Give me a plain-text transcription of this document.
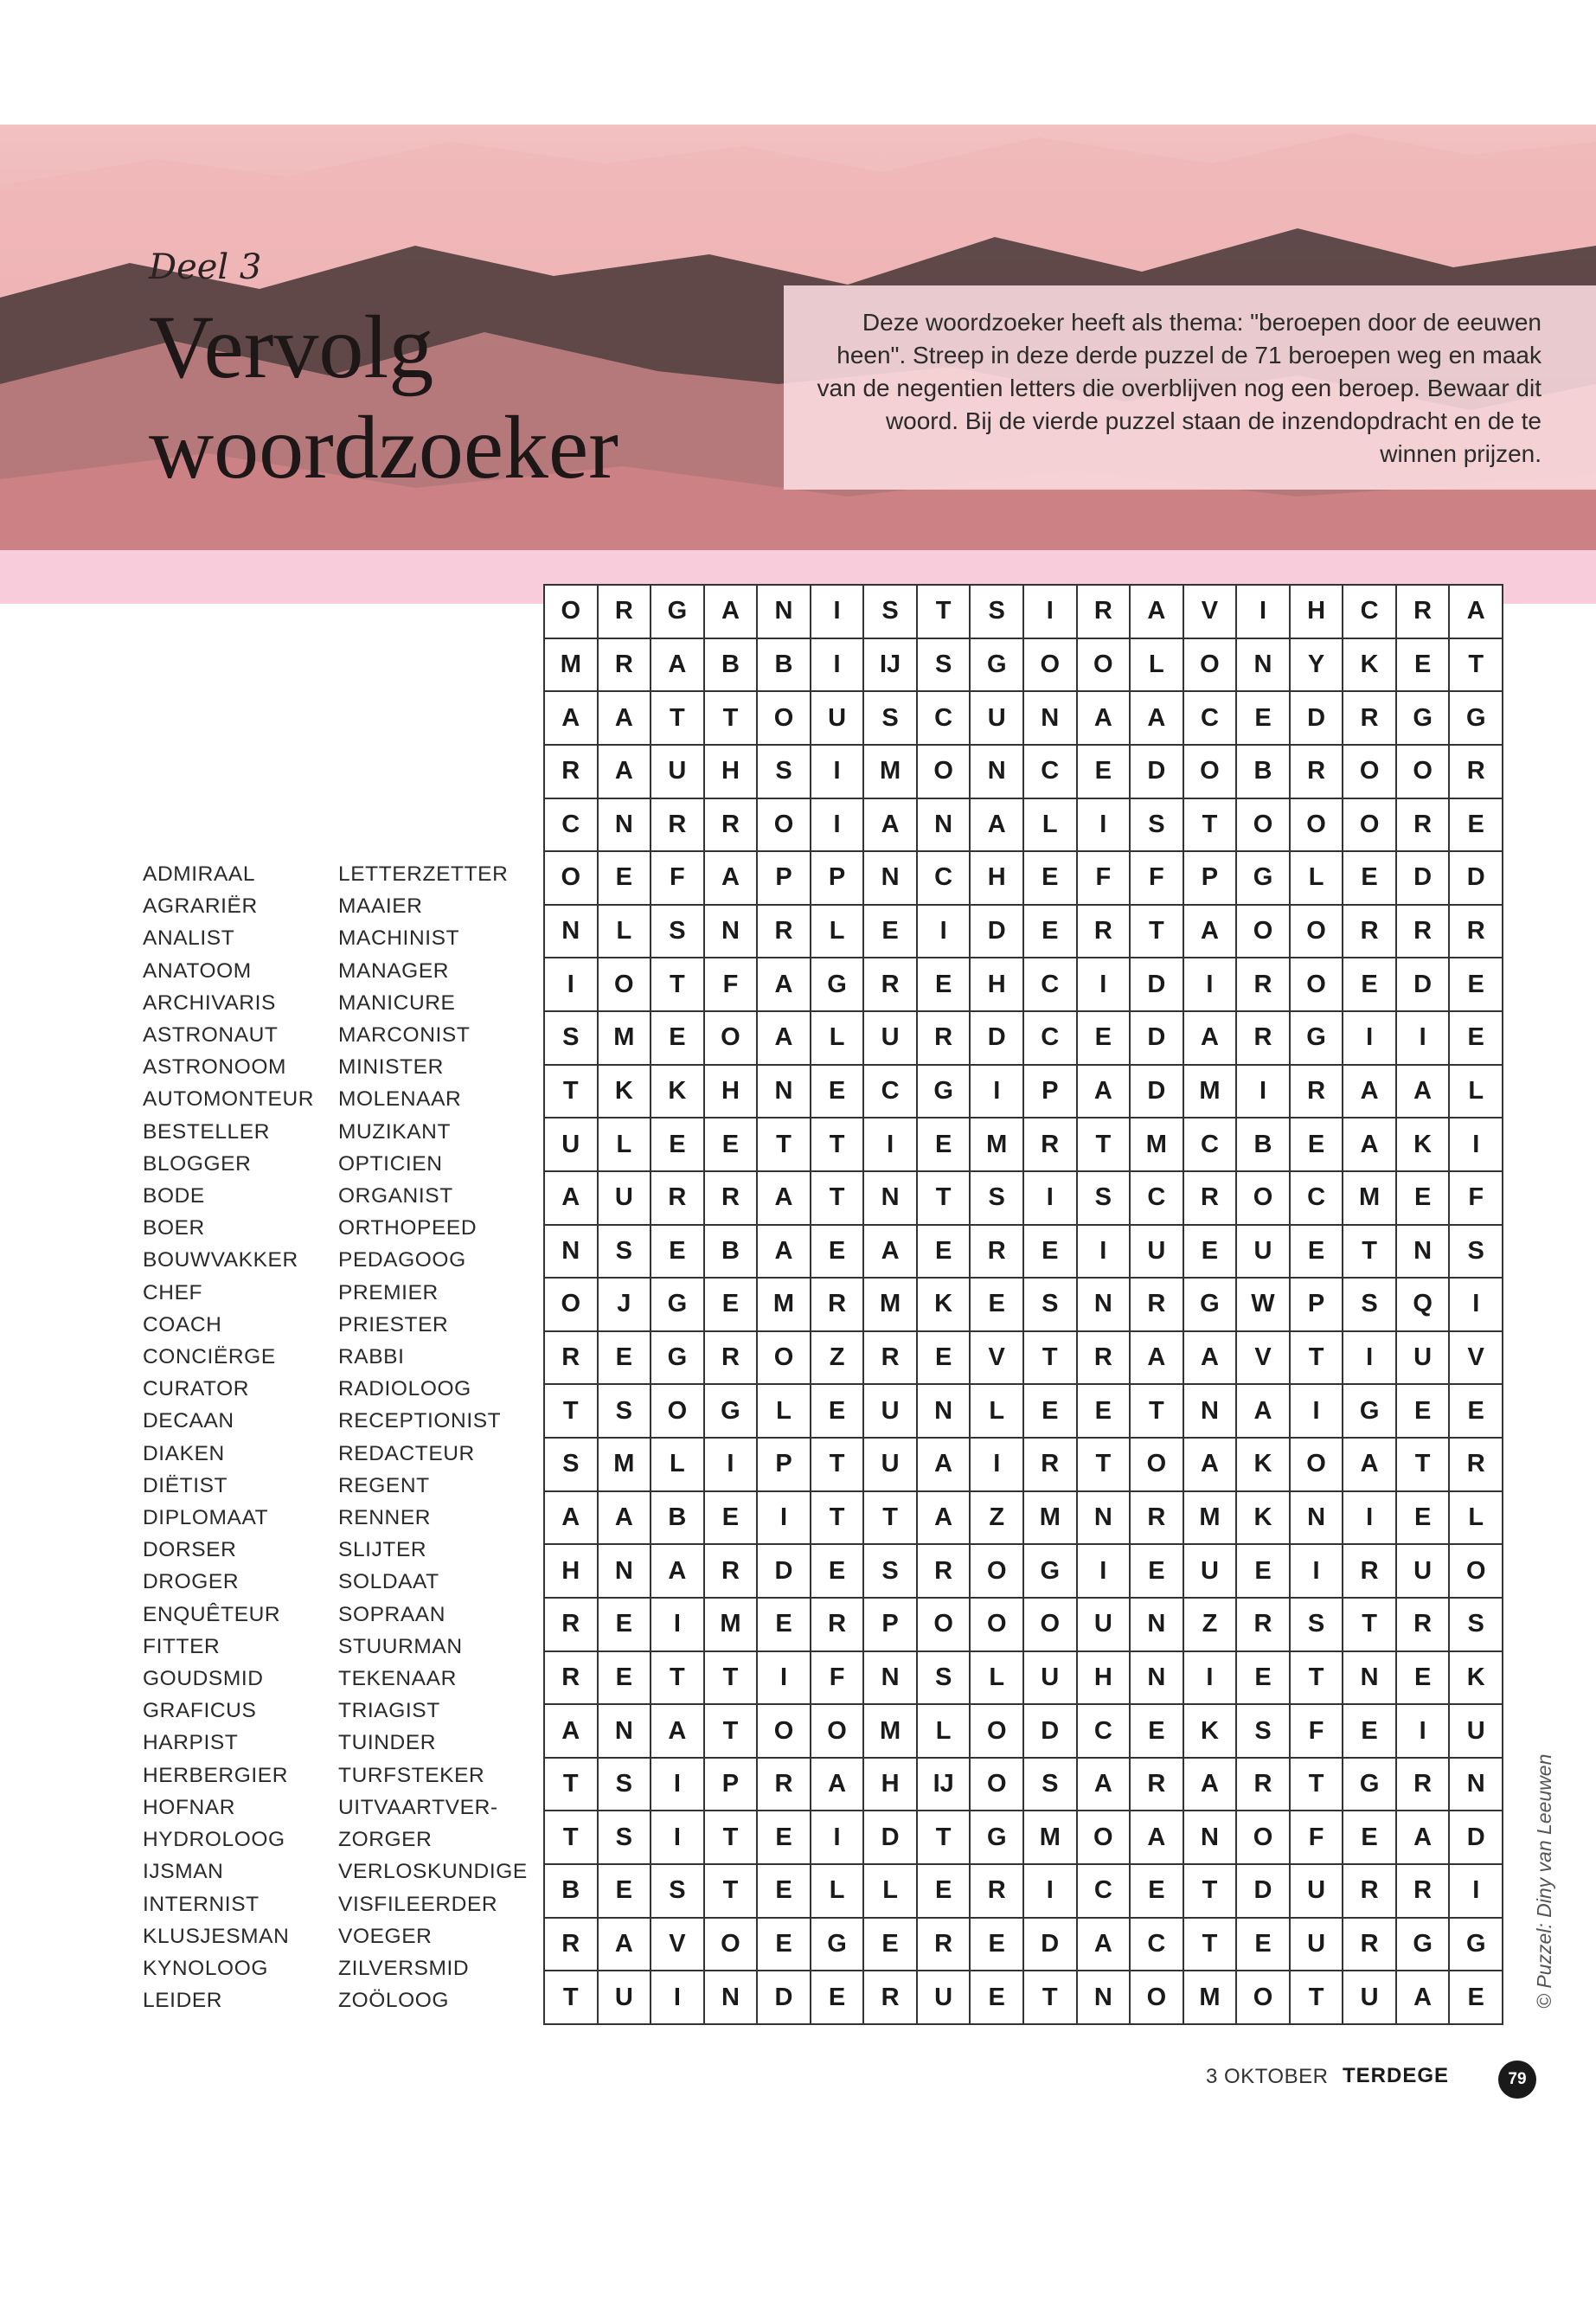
Deel 3
Vervolg
woordzoeker
Deze woordzoeker heeft als thema: "beroepen door de eeuwen heen". Streep in deze derde puzzel de 71 beroepen weg en maak van de negentien letters die overblijven nog een beroep. Bewaar dit woord. Bij de vierde puzzel staan de inzendopdracht en de te winnen prijzen.
ADMIRAAL
AGRARIËR
ANALIST
ANATOOM
ARCHIVARIS
ASTRONAUT
ASTRONOOM
AUTOMONTEUR
BESTELLER
BLOGGER
BODE
BOER
BOUWVAKKER
CHEF
COACH
CONCIËRGE
CURATOR
DECAAN
DIAKEN
DIËTIST
DIPLOMAAT
DORSER
DROGER
ENQUÊTEUR
FITTER
GOUDSMID
GRAFICUS
HARPIST
HERBERGIER
HOFNAR
HYDROLOOG
IJSMAN
INTERNIST
KLUSJESMAN
KYNOLOOG
LEIDER
LETTERZETTER
MAAIER
MACHINIST
MANAGER
MANICURE
MARCONIST
MINISTER
MOLENAAR
MUZIKANT
OPTICIEN
ORGANIST
ORTHOPEED
PEDAGOOG
PREMIER
PRIESTER
RABBI
RADIOLOOG
RECEPTIONIST
REDACTEUR
REGENT
RENNER
SLIJTER
SOLDAAT
SOPRAAN
STUURMAN
TEKENAAR
TRIAGIST
TUINDER
TURFSTEKER
UITVAARTVER-
ZORGER
VERLOSKUNDIGE
VISFILEERDER
VOEGER
ZILVERSMID
ZOÖLOOG
O	R	G	A	N	I	S	T	S	I	R	A	V	I	H	C	R	A
M	R	A	B	B	I	IJ	S	G	O	O	L	O	N	Y	K	E	T
A	A	T	T	O	U	S	C	U	N	A	A	C	E	D	R	G	G
R	A	U	H	S	I	M	O	N	C	E	D	O	B	R	O	O	R
C	N	R	R	O	I	A	N	A	L	I	S	T	O	O	O	R	E
O	E	F	A	P	P	N	C	H	E	F	F	P	G	L	E	D	D
N	L	S	N	R	L	E	I	D	E	R	T	A	O	O	R	R	R
I	O	T	F	A	G	R	E	H	C	I	D	I	R	O	E	D	E
S	M	E	O	A	L	U	R	D	C	E	D	A	R	G	I	I	E
T	K	K	H	N	E	C	G	I	P	A	D	M	I	R	A	A	L
U	L	E	E	T	T	I	E	M	R	T	M	C	B	E	A	K	I
A	U	R	R	A	T	N	T	S	I	S	C	R	O	C	M	E	F
N	S	E	B	A	E	A	E	R	E	I	U	E	U	E	T	N	S
O	J	G	E	M	R	M	K	E	S	N	R	G	W	P	S	Q	I
R	E	G	R	O	Z	R	E	V	T	R	A	A	V	T	I	U	V
T	S	O	G	L	E	U	N	L	E	E	T	N	A	I	G	E	E
S	M	L	I	P	T	U	A	I	R	T	O	A	K	O	A	T	R
A	A	B	E	I	T	T	A	Z	M	N	R	M	K	N	I	E	L
H	N	A	R	D	E	S	R	O	G	I	E	U	E	I	R	U	O
R	E	I	M	E	R	P	O	O	O	U	N	Z	R	S	T	R	S
R	E	T	T	I	F	N	S	L	U	H	N	I	E	T	N	E	K
A	N	A	T	O	O	M	L	O	D	C	E	K	S	F	E	I	U
T	S	I	P	R	A	H	IJ	O	S	A	R	A	R	T	G	R	N
T	S	I	T	E	I	D	T	G	M	O	A	N	O	F	E	A	D
B	E	S	T	E	L	L	E	R	I	C	E	T	D	U	R	R	I
R	A	V	O	E	G	E	R	E	D	A	C	T	E	U	R	G	G
T	U	I	N	D	E	R	U	E	T	N	O	M	O	T	U	A	E	© Puzzel: Diny van Leeuwen
3 OKTOBER TERDEGE	79
